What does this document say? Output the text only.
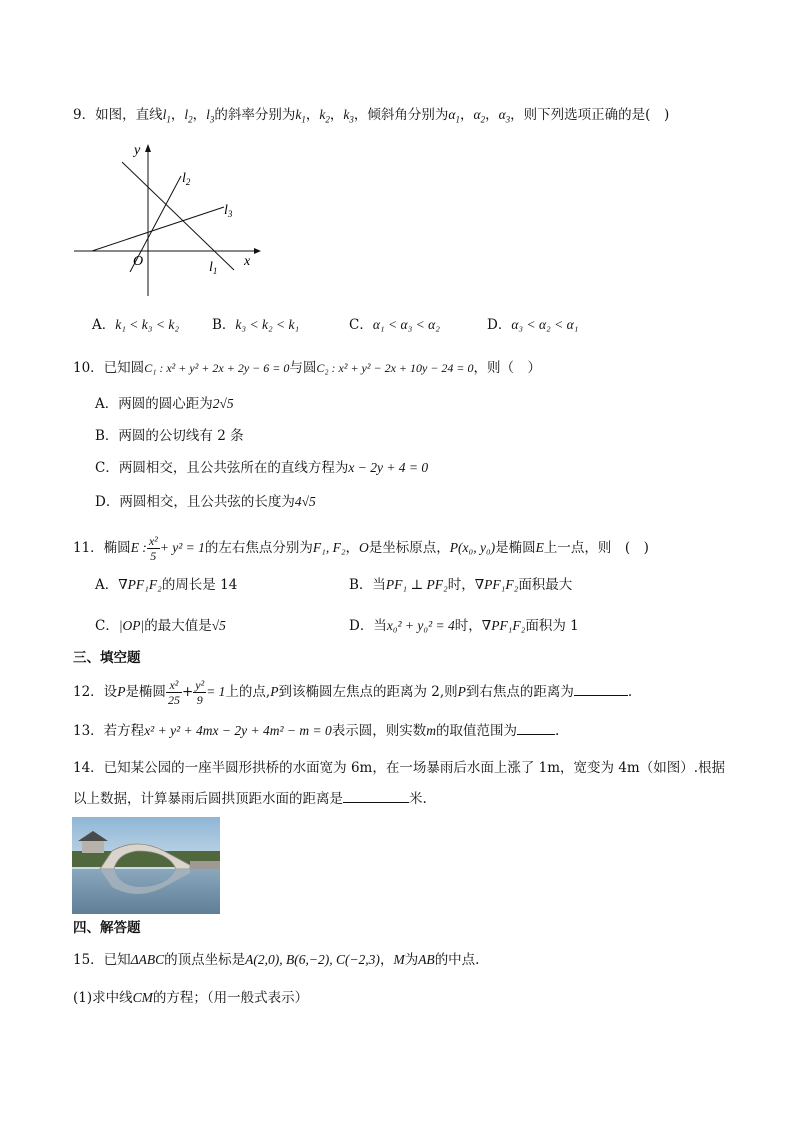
9．如图，直线$l_1$，$l_2$，$l_3$的斜率分别为$k_1$，$k_2$，$k_3$，倾斜角分别为$\alpha_1$，$\alpha_2$，$\alpha_3$，则下列选项正确的是(　)
y
x
O
$l_2$
$l_3$
$l_1$
A．k₁ < k₃ < k₂ B．k₃ < k₂ < k₁	C．α₁ < α₃ < α₂	D．α₃ < α₂ < α₁
10．已知圆C₁ : x² + y² + 2x + 2y − 6 = 0与圆C₂ : x² + y² − 2x + 10y − 24 = 0，则（　）
A．两圆的圆心距为2√5
B．两圆的公切线有 2 条
C．两圆相交，且公共弦所在的直线方程为x − 2y + 4 = 0
D．两圆相交，且公共弦的长度为4√5
11．椭圆E : $\frac{\text{x²}}{5} + y^2 = 1$的左右焦点分别为F₁, F₂，O是坐标原点，P(x₀, y₀)是椭圆E上一点，则　(　)
A．∇PF₁F₂的周长是 14	B．当PF₁ ⊥ PF₂时，∇PF₁F₂面积最大
C．|OP|的最大值是√5	D．当x₀² + y₀² = 4时，∇PF₁F₂面积为 1
三、填空题
12．设P是椭圆 $\frac{\text{x²}}{25} + \frac{\text{y²}}{9} = 1$上的点,P到该椭圆左焦点的距离为 2,则P到右焦点的距离为	.
13．若方程x² + y² + 4mx − 2y + 4m² − m = 0表示圆，则实数m的取值范围为	.
14．已知某公园的一座半圆形拱桥的水面宽为 6m，在一场暴雨后水面上涨了 1m，宽变为 4m（如图）.根据
以上数据，计算暴雨后圆拱顶距水面的距离是	米.
四、解答题
15．已知ΔABC的顶点坐标是A(2,0), B(6,−2), C(−2,3)，M为AB的中点.
(1)求中线CM的方程；（用一般式表示）
